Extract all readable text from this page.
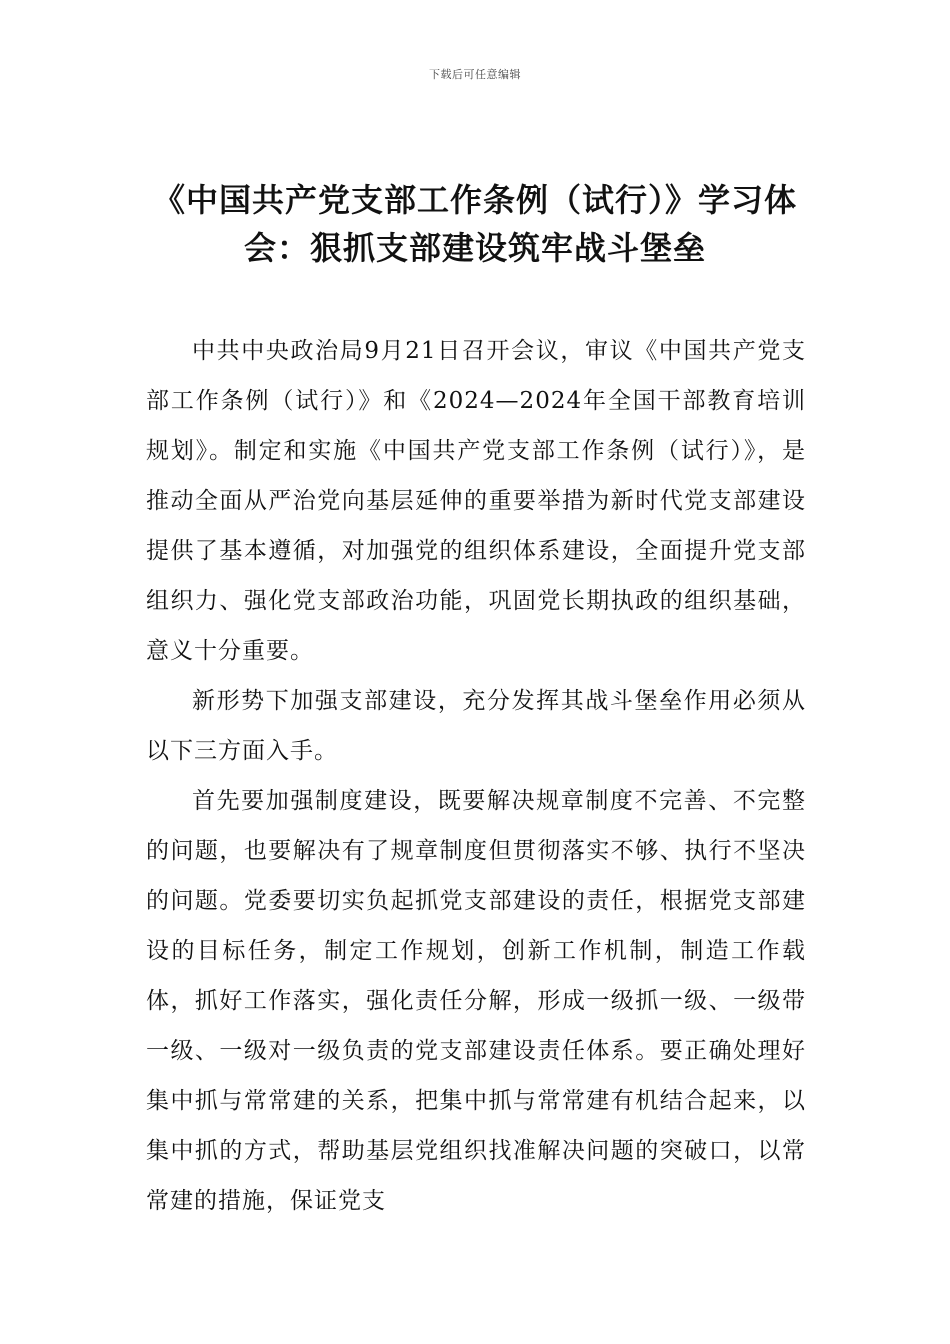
下载后可任意编辑
《中国共产党支部工作条例（试行）》学习体会：狠抓支部建设筑牢战斗堡垒

中共中央政治局9月21日召开会议，审议《中国共产党支部工作条例（试行）》和《2024—2024年全国干部教育培训规划》。制定和实施《中国共产党支部工作条例（试行）》，是推动全面从严治党向基层延伸的重要举措为新时代党支部建设提供了基本遵循，对加强党的组织体系建设，全面提升党支部组织力、强化党支部政治功能，巩固党长期执政的组织基础，意义十分重要。

新形势下加强支部建设，充分发挥其战斗堡垒作用必须从以下三方面入手。

首先要加强制度建设，既要解决规章制度不完善、不完整的问题，也要解决有了规章制度但贯彻落实不够、执行不坚决的问题。党委要切实负起抓党支部建设的责任，根据党支部建设的目标任务，制定工作规划，创新工作机制，制造工作载体，抓好工作落实，强化责任分解，形成一级抓一级、一级带一级、一级对一级负责的党支部建设责任体系。要正确处理好集中抓与常常建的关系，把集中抓与常常建有机结合起来，以集中抓的方式，帮助基层党组织找准解决问题的突破口，以常常建的措施，保证党支
